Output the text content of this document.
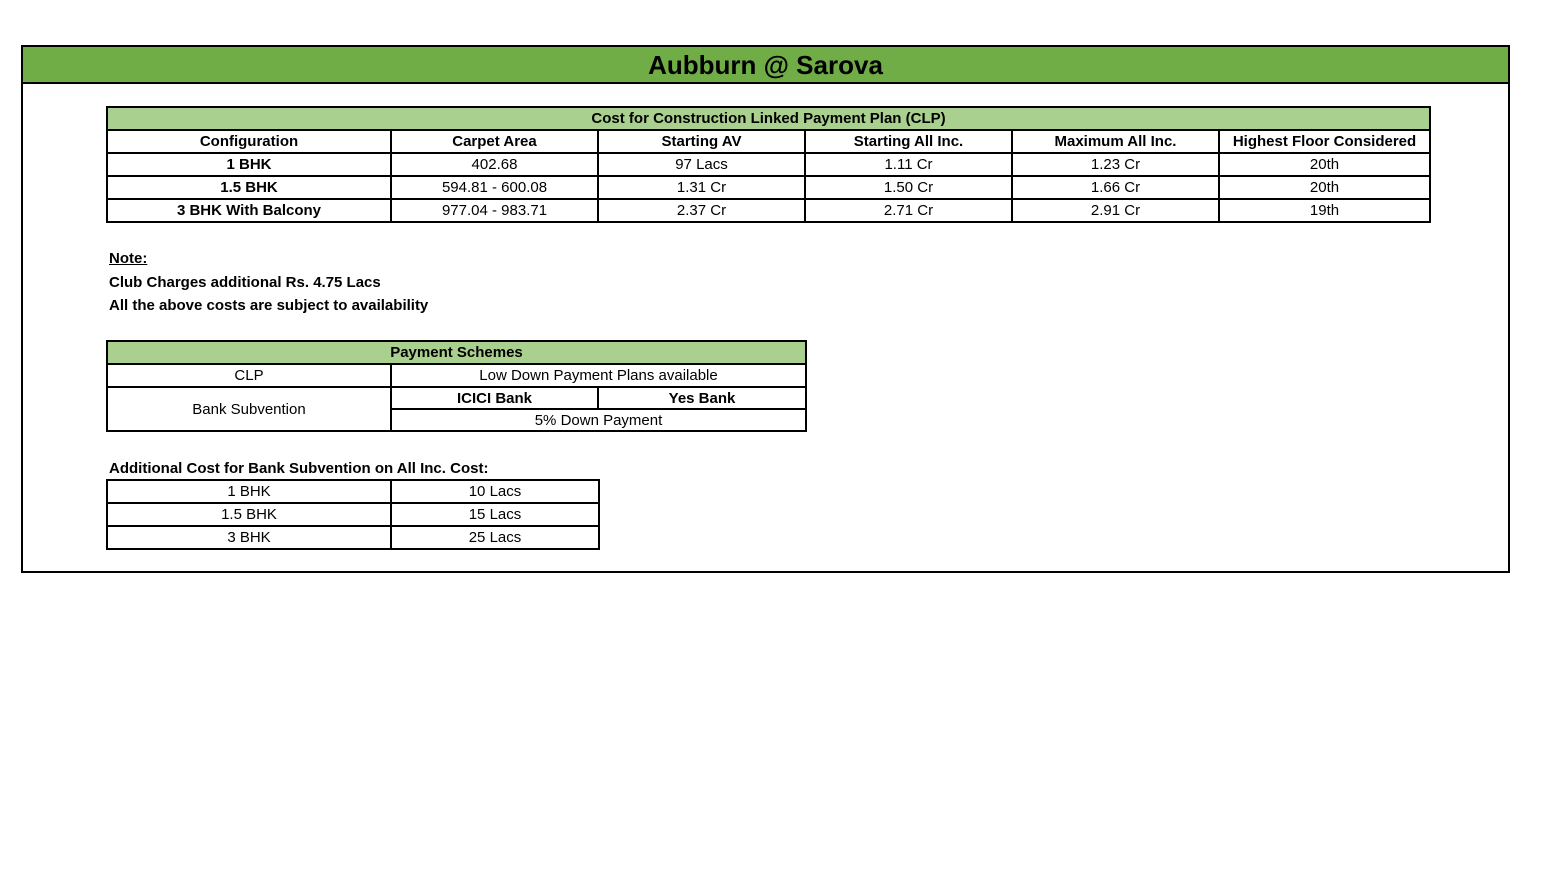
Aubburn @ Sarova
Cost for Construction Linked Payment Plan (CLP)					
Configuration	Carpet Area	Starting AV	Starting All Inc.	Maximum All Inc.	Highest Floor Considered
1 BHK	402.68	97 Lacs	1.11 Cr	1.23 Cr	20th
1.5 BHK	594.81 - 600.08	1.31 Cr	1.50 Cr	1.66 Cr	20th
3 BHK With Balcony	977.04 - 983.71	2.37 Cr	2.71 Cr	2.91 Cr	19th
Note:
Club Charges additional Rs. 4.75 Lacs
All the above costs are subject to availability
Payment Schemes		
CLP	Low Down Payment Plans available	
Bank Subvention	ICICI Bank	Yes Bank
	5% Down Payment	
Additional Cost for Bank Subvention on All Inc. Cost:
1 BHK	10 Lacs
1.5 BHK	15 Lacs
3 BHK	25 Lacs
